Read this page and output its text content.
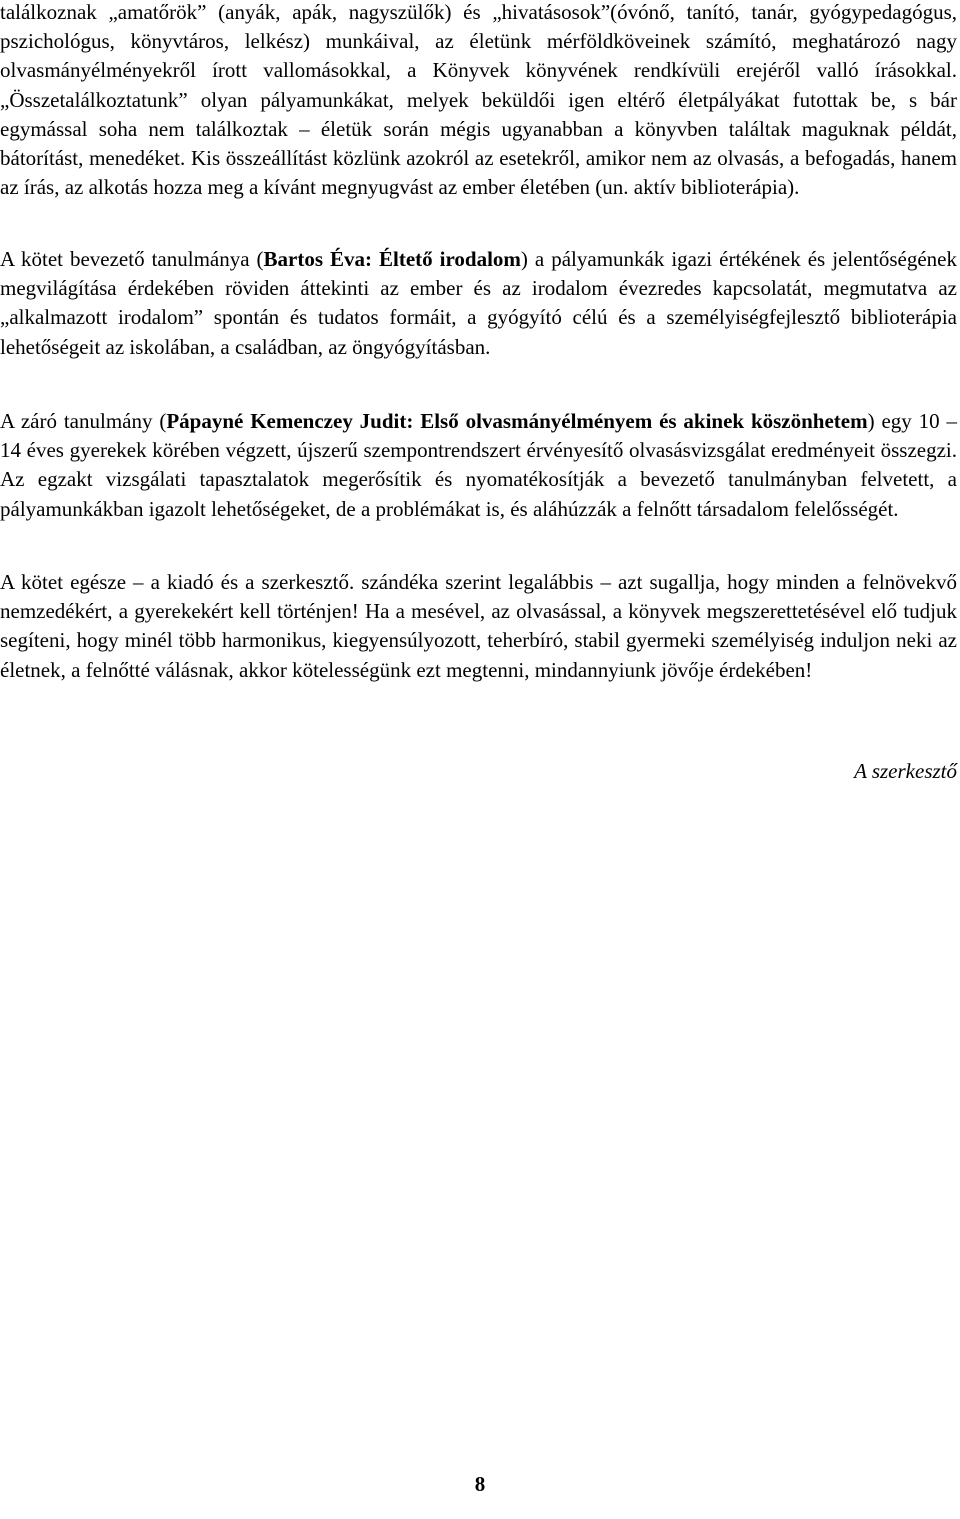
találkoznak „amatőrök” (anyák, apák, nagyszülők) és „hivatásosok”(óvónő, tanító, tanár, gyógypedagógus, pszichológus, könyvtáros, lelkész) munkáival, az életünk mérföldköveinek számító, meghatározó nagy olvasmányélményekről írott vallomásokkal, a Könyvek könyvének rendkívüli erejéről valló írásokkal. „Összetalálkoztatunk” olyan pályamunkákat, melyek beküldői igen eltérő életpályákat futottak be, s bár egymással soha nem találkoztak – életük során mégis ugyanabban a könyvben találtak maguknak példát, bátorítást, menedéket. Kis összeállítást közlünk azokról az esetekről, amikor nem az olvasás, a befogadás, hanem az írás, az alkotás hozza meg a kívánt megnyugvást az ember életében (un. aktív biblioterápia).

A kötet bevezető tanulmánya (Bartos Éva: Éltető irodalom) a pályamunkák igazi értékének és jelentőségének megvilágítása érdekében röviden áttekinti az ember és az irodalom évezredes kapcsolatát, megmutatva az „alkalmazott irodalom” spontán és tudatos formáit, a gyógyító célú és a személyiségfejlesztő biblioterápia lehetőségeit az iskolában, a családban, az öngyógyításban.

A záró tanulmány (Pápayné Kemenczey Judit: Első olvasmányélményem és akinek köszönhetem) egy 10 – 14 éves gyerekek körében végzett, újszerű szempontrendszert érvényesítő olvasásvizsgálat eredményeit összegzi. Az egzakt vizsgálati tapasztalatok megerősítik és nyomatékosítják a bevezető tanulmányban felvetett, a pályamunkákban igazolt lehetőségeket, de a problémákat is, és aláhúzzák a felnőtt társadalom felelősségét.

A kötet egésze – a kiadó és a szerkesztő. szándéka szerint legalábbis – azt sugallja, hogy minden a felnövekvő nemzedékért, a gyerekekért kell történjen! Ha a mesével, az olvasással, a könyvek megszerettetésével elő tudjuk segíteni, hogy minél több harmonikus, kiegyensúlyozott, teherbíró, stabil gyermeki személyiség induljon neki az életnek, a felnőtté válásnak, akkor kötelességünk ezt megtenni, mindannyiunk jövője érdekében!

A szerkesztő
8
